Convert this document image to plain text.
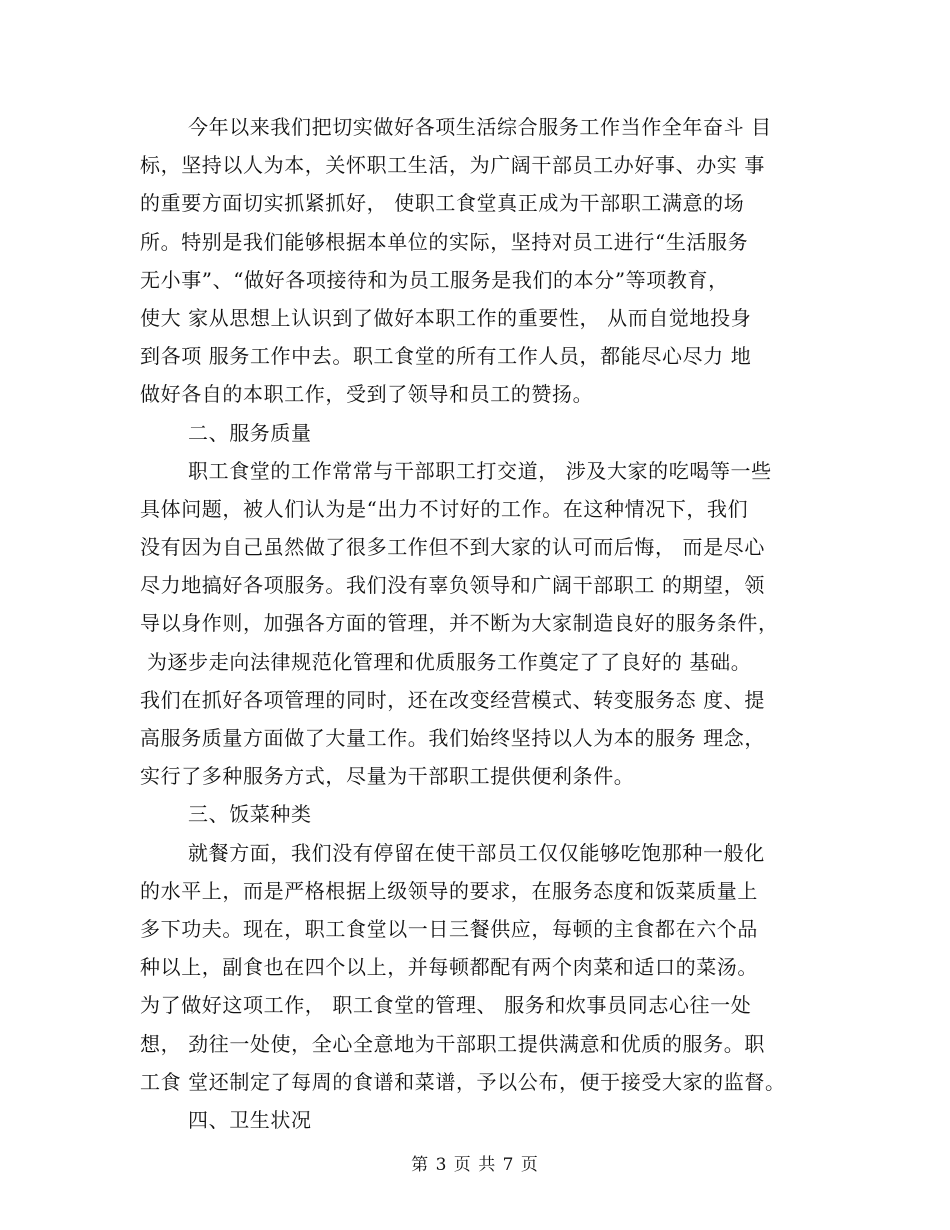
今年以来我们把切实做好各项生活综合服务工作当作全年奋斗 目
标，坚持以人为本，关怀职工生活，为广阔干部员工办好事、办实 事
的重要方面切实抓紧抓好， 使职工食堂真正成为干部职工满意的场
所。特别是我们能够根据本单位的实际，坚持对员工进行“生活服务
无小事”、“做好各项接待和为员工服务是我们的本分”等项教育，
使大 家从思想上认识到了做好本职工作的重要性， 从而自觉地投身
到各项 服务工作中去。职工食堂的所有工作人员，都能尽心尽力 地
做好各自的本职工作，受到了领导和员工的赞扬。
二、服务质量
职工食堂的工作常常与干部职工打交道， 涉及大家的吃喝等一些
具体问题，被人们认为是“出力不讨好的工作。在这种情况下，我们
没有因为自己虽然做了很多工作但不到大家的认可而后悔， 而是尽心
尽力地搞好各项服务。我们没有辜负领导和广阔干部职工 的期望，领
导以身作则，加强各方面的管理，并不断为大家制造良好的服务条件，
为逐步走向法律规范化管理和优质服务工作奠定了了良好的 基础。
我们在抓好各项管理的同时，还在改变经营模式、转变服务态 度、提
高服务质量方面做了大量工作。我们始终坚持以人为本的服务 理念，
实行了多种服务方式，尽量为干部职工提供便利条件。
三、饭菜种类
就餐方面，我们没有停留在使干部员工仅仅能够吃饱那种一般化
的水平上，而是严格根据上级领导的要求，在服务态度和饭菜质量上
多下功夫。现在，职工食堂以一日三餐供应，每顿的主食都在六个品
种以上，副食也在四个以上，并每顿都配有两个肉菜和适口的菜汤。
为了做好这项工作， 职工食堂的管理、 服务和炊事员同志心往一处
想， 劲往一处使，全心全意地为干部职工提供满意和优质的服务。职
工食 堂还制定了每周的食谱和菜谱，予以公布，便于接受大家的监督。
四、卫生状况
第 3 页 共 7 页
